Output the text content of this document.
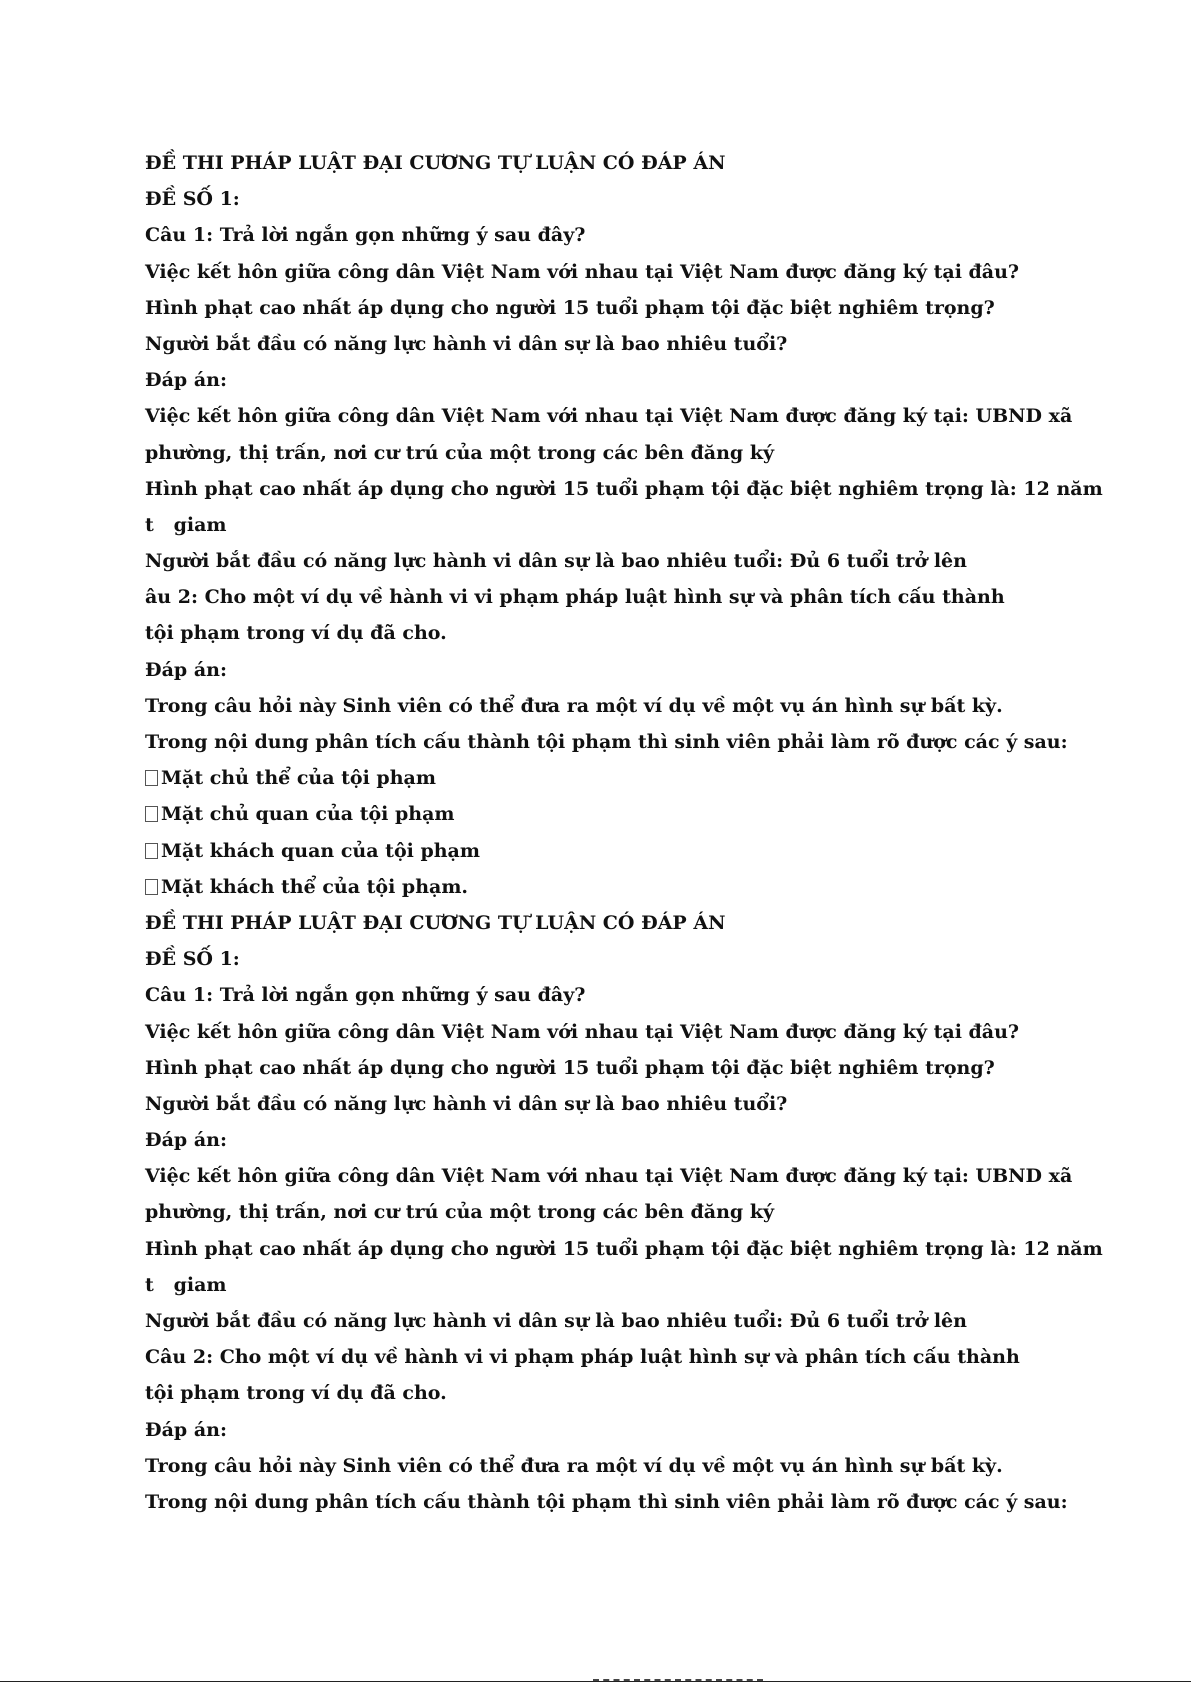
ĐỀ THI PHÁP LUẬT ĐẠI CƯƠNG TỰ LUẬN CÓ ĐÁP ÁN
ĐỀ SỐ 1:
Câu 1: Trả lời ngắn gọn những ý sau đây?
Việc kết hôn giữa công dân Việt Nam với nhau tại Việt Nam được đăng ký tại đâu?
Hình phạt cao nhất áp dụng cho người 15 tuổi phạm tội đặc biệt nghiêm trọng?
Người bắt đầu có năng lực hành vi dân sự là bao nhiêu tuổi?
Đáp án:
Việc kết hôn giữa công dân Việt Nam với nhau tại Việt Nam được đăng ký tại: UBND xã
phường, thị trấn, nơi cư trú của một trong các bên đăng ký
Hình phạt cao nhất áp dụng cho người 15 tuổi phạm tội đặc biệt nghiêm trọng là: 12 năm
t   giam
Người bắt đầu có năng lực hành vi dân sự là bao nhiêu tuổi: Đủ 6 tuổi trở lên
âu 2: Cho một ví dụ về hành vi vi phạm pháp luật hình sự và phân tích cấu thành
tội phạm trong ví dụ đã cho.
Đáp án:
Trong câu hỏi này Sinh viên có thể đưa ra một ví dụ về một vụ án hình sự bất kỳ.
Trong nội dung phân tích cấu thành tội phạm thì sinh viên phải làm rõ được các ý sau:
Mặt chủ thể của tội phạm
Mặt chủ quan của tội phạm
Mặt khách quan của tội phạm
Mặt khách thể của tội phạm.
ĐỀ THI PHÁP LUẬT ĐẠI CƯƠNG TỰ LUẬN CÓ ĐÁP ÁN
ĐỀ SỐ 1:
Câu 1: Trả lời ngắn gọn những ý sau đây?
Việc kết hôn giữa công dân Việt Nam với nhau tại Việt Nam được đăng ký tại đâu?
Hình phạt cao nhất áp dụng cho người 15 tuổi phạm tội đặc biệt nghiêm trọng?
Người bắt đầu có năng lực hành vi dân sự là bao nhiêu tuổi?
Đáp án:
Việc kết hôn giữa công dân Việt Nam với nhau tại Việt Nam được đăng ký tại: UBND xã
phường, thị trấn, nơi cư trú của một trong các bên đăng ký
Hình phạt cao nhất áp dụng cho người 15 tuổi phạm tội đặc biệt nghiêm trọng là: 12 năm
t   giam
Người bắt đầu có năng lực hành vi dân sự là bao nhiêu tuổi: Đủ 6 tuổi trở lên
Câu 2: Cho một ví dụ về hành vi vi phạm pháp luật hình sự và phân tích cấu thành
tội phạm trong ví dụ đã cho.
Đáp án:
Trong câu hỏi này Sinh viên có thể đưa ra một ví dụ về một vụ án hình sự bất kỳ.
Trong nội dung phân tích cấu thành tội phạm thì sinh viên phải làm rõ được các ý sau:
